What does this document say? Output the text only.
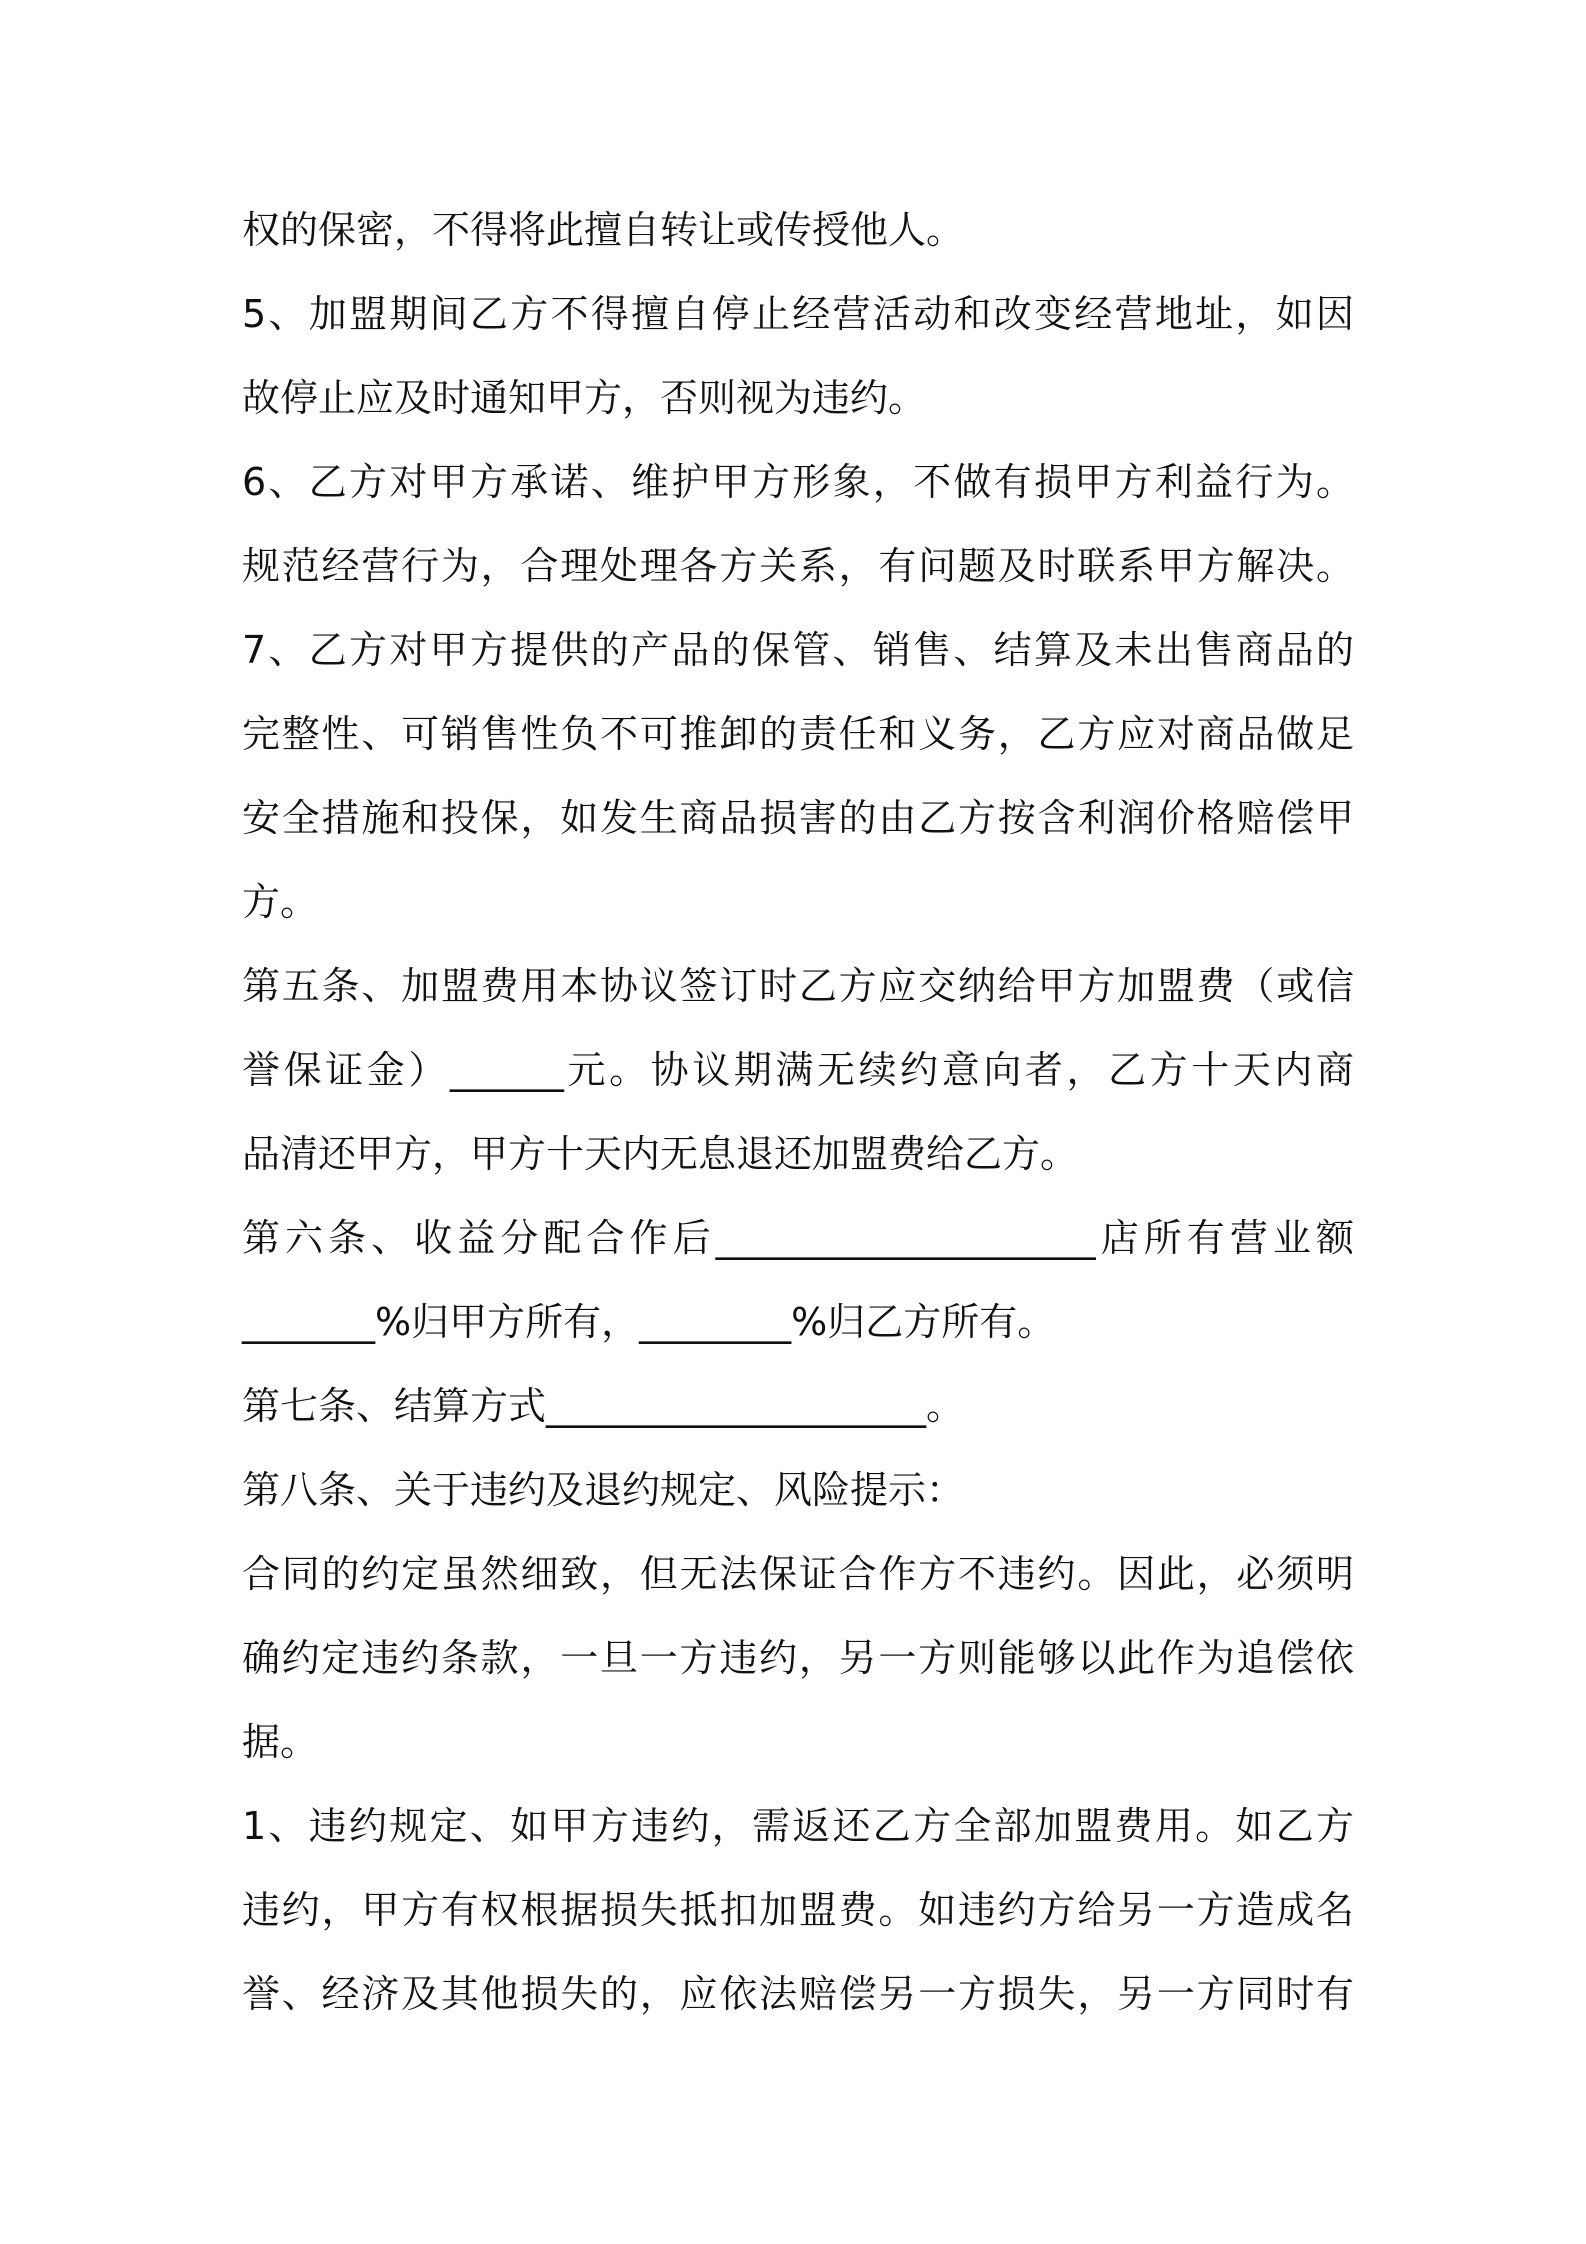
权的保密，不得将此擅自转让或传授他人。
5、加盟期间乙方不得擅自停止经营活动和改变经营地址，如因
故停止应及时通知甲方，否则视为违约。
6、乙方对甲方承诺、维护甲方形象，不做有损甲方利益行为。
规范经营行为，合理处理各方关系，有问题及时联系甲方解决。
7、乙方对甲方提供的产品的保管、销售、结算及未出售商品的
完整性、可销售性负不可推卸的责任和义务，乙方应对商品做足
安全措施和投保，如发生商品损害的由乙方按含利润价格赔偿甲
方。
第五条、加盟费用本协议签订时乙方应交纳给甲方加盟费（或信
誉保证金）______元。协议期满无续约意向者，乙方十天内商
品清还甲方，甲方十天内无息退还加盟费给乙方。
第六条、收益分配合作后____________________店所有营业额
_______%归甲方所有，________%归乙方所有。
第七条、结算方式____________________。
第八条、关于违约及退约规定、风险提示：
合同的约定虽然细致，但无法保证合作方不违约。因此，必须明
确约定违约条款，一旦一方违约，另一方则能够以此作为追偿依
据。
1、违约规定、如甲方违约，需返还乙方全部加盟费用。如乙方
违约，甲方有权根据损失抵扣加盟费。如违约方给另一方造成名
誉、经济及其他损失的，应依法赔偿另一方损失，另一方同时有
